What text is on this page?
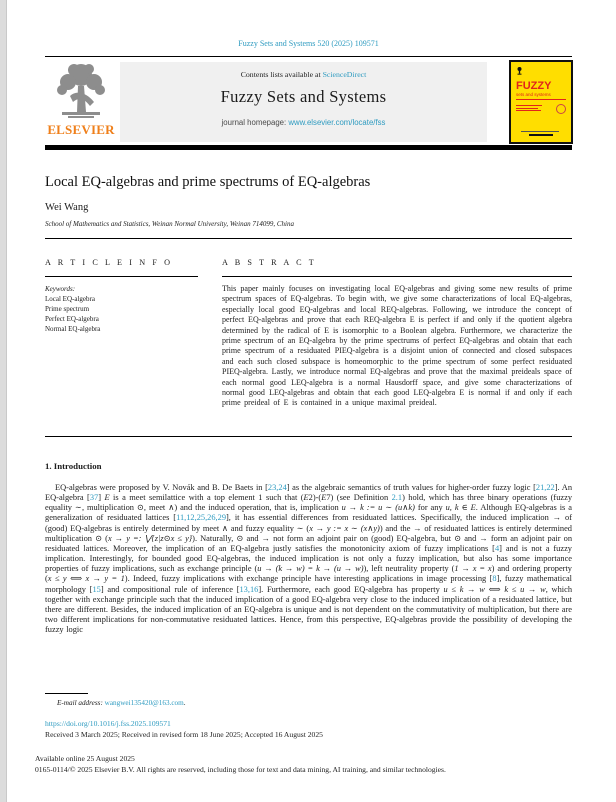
Fuzzy Sets and Systems 520 (2025) 109571
ELSEVIER
Contents lists available at ScienceDirect
Fuzzy Sets and Systems
journal homepage: www.elsevier.com/locate/fss
FUZZY
sets and systems
Local EQ-algebras and prime spectrums of EQ-algebras
Wei Wang
School of Mathematics and Statistics, Weinan Normal University, Weinan 714099, China
A R T I C L E I N F O
Keywords:
Local EQ-algebra
Prime spectrum
Perfect EQ-algebra
Normal EQ-algebra
A B S T R A C T
This paper mainly focuses on investigating local EQ-algebras and giving some new results of prime spectrum spaces of EQ-algebras. To begin with, we give some characterizations of local EQ-algebras, especially local good EQ-algebras and local REQ-algebras. Following, we introduce the concept of perfect EQ-algebras and prove that each REQ-algebra E is perfect if and only if the quotient algebra determined by the radical of E is isomorphic to a Boolean algebra. Furthermore, we characterize the prime spectrum of an EQ-algebra by the prime spectrums of perfect EQ-algebras and obtain that each prime spectrum of a residuated PIEQ-algebra is a disjoint union of connected and closed subspaces and each such closed subspace is homeomorphic to the prime spectrum of some perfect residuated PIEQ-algebra. Lastly, we introduce normal EQ-algebras and prove that the maximal preideals space of each normal good LEQ-algebra is a normal Hausdorff space, and give some characterizations of normal good LEQ-algebras and obtain that each good LEQ-algebra E is normal if and only if each prime preideal of E is contained in a unique maximal preideal.
1. Introduction
EQ-algebras were proposed by V. Novák and B. De Baets in [23,24] as the algebraic semantics of truth values for higher-order fuzzy logic [21,22]. An EQ-algebra [37] E is a meet semilattice with a top element 1 such that (E2)-(E7) (see Definition 2.1) hold, which has three binary operations (fuzzy equality ∼, multiplication ⊙, meet ∧) and the induced operation, that is, implication u → k := u ∼ (u∧k) for any u, k ∈ E. Although EQ-algebras is a generalization of residuated lattices [11,12,25,26,29], it has essential differences from residuated lattices. Specifically, the induced implication → of (good) EQ-algebras is entirely determined by meet ∧ and fuzzy equality ∼ (x → y := x ∼ (x∧y)) and the → of residuated lattices is entirely determined multiplication ⊙ (x → y =: ⋁{z|z⊙x ≤ y}). Naturally, ⊙ and → not form an adjoint pair on (good) EQ-algebra, but ⊙ and → form an adjoint pair on residuated lattices. Moreover, the implication of an EQ-algebra justly satisfies the monotonicity axiom of fuzzy implications [4] and is not a fuzzy implication. Interestingly, for bounded good EQ-algebras, the induced implication is not only a fuzzy implication, but also has some importance properties of fuzzy implications, such as exchange principle (u → (k → w) = k → (u → w)), left neutrality property (1 → x = x) and ordering property (x ≤ y ⟺ x → y = 1). Indeed, fuzzy implications with exchange principle have interesting applications in image processing [8], fuzzy mathematical morphology [15] and compositional rule of inference [13,16]. Furthermore, each good EQ-algebra has property u ≤ k → w ⟺ k ≤ u → w, which together with exchange principle such that the induced implication of a good EQ-algebra very close to the induced implication of a residuated lattice, but there are different. Besides, the induced implication of an EQ-algebra is unique and is not dependent on the commutativity of multiplication, but there are two different implications for non-commutative residuated lattices. Hence, from this perspective, EQ-algebras provide the possibility of developing the fuzzy logic
E-mail address: wangwei135420@163.com.
https://doi.org/10.1016/j.fss.2025.109571
Received 3 March 2025; Received in revised form 18 June 2025; Accepted 16 August 2025
Available online 25 August 2025
0165-0114/© 2025 Elsevier B.V. All rights are reserved, including those for text and data mining, AI training, and similar technologies.
